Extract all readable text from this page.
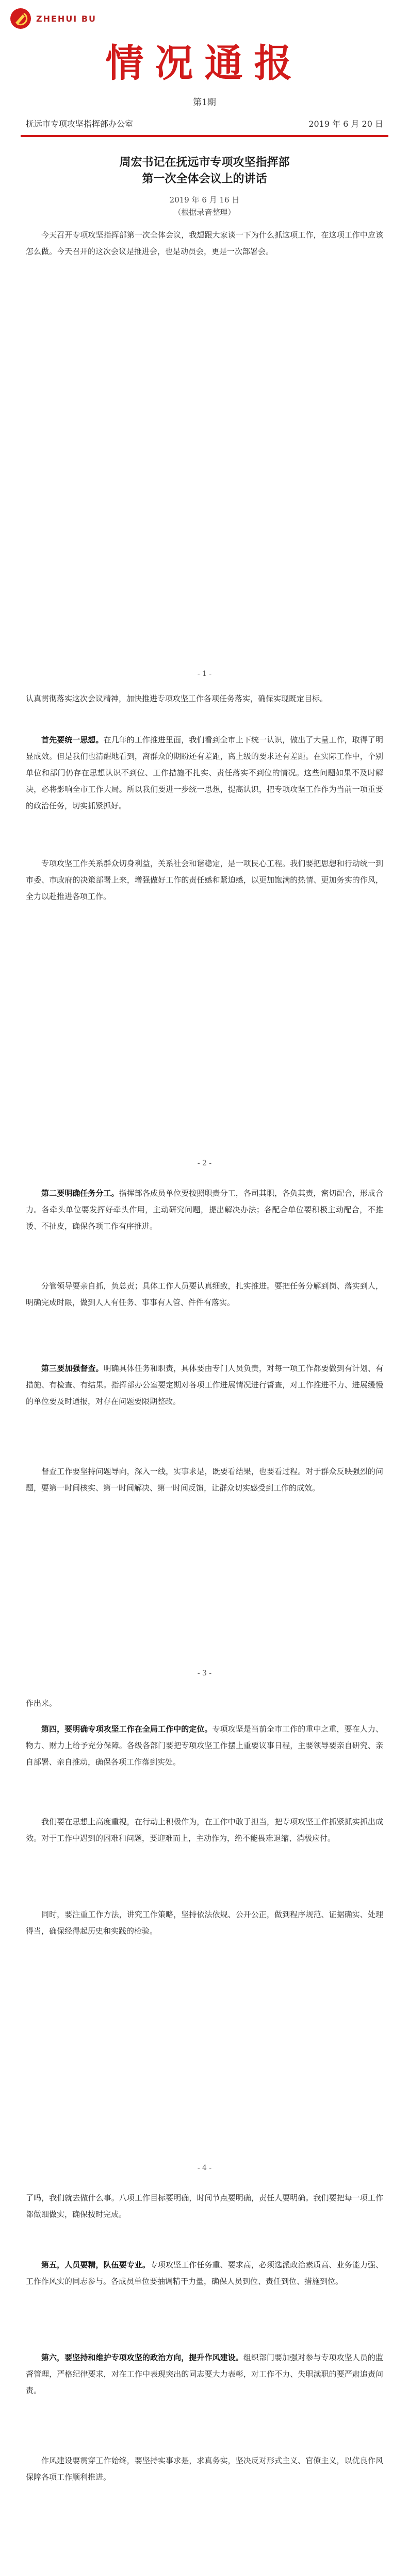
ZHEHUI BU
情况通报
第1期
抚远市专项攻坚指挥部办公室	2019 年 6 月 20 日
周宏书记在抚远市专项攻坚指挥部
第一次全体会议上的讲话
2019 年 6 月 16 日
（根据录音整理）
今天召开专项攻坚指挥部第一次全体会议，我想跟大家谈一下为什么抓这项工作，在这项工作中应该怎么做。今天召开的这次会议是推进会，也是动员会，更是一次部署会。
- 1 -
认真贯彻落实这次会议精神，加快推进专项攻坚工作各项任务落实，确保实现既定目标。
首先要统一思想。在几年的工作推进里面，我们看到全市上下统一认识，做出了大量工作，取得了明显成效。但是我们也清醒地看到，离群众的期盼还有差距，离上级的要求还有差距。在实际工作中，个别单位和部门仍存在思想认识不到位、工作措施不扎实、责任落实不到位的情况。这些问题如果不及时解决，必将影响全市工作大局。所以我们要进一步统一思想，提高认识，把专项攻坚工作作为当前一项重要的政治任务，切实抓紧抓好。
专项攻坚工作关系群众切身利益，关系社会和谐稳定，是一项民心工程。我们要把思想和行动统一到市委、市政府的决策部署上来，增强做好工作的责任感和紧迫感，以更加饱满的热情、更加务实的作风，全力以赴推进各项工作。
- 2 -
第二要明确任务分工。指挥部各成员单位要按照职责分工，各司其职，各负其责，密切配合，形成合力。各牵头单位要发挥好牵头作用，主动研究问题，提出解决办法；各配合单位要积极主动配合，不推诿、不扯皮，确保各项工作有序推进。
分管领导要亲自抓，负总责；具体工作人员要认真细致，扎实推进。要把任务分解到岗、落实到人，明确完成时限，做到人人有任务、事事有人管、件件有落实。
第三要加强督查。明确具体任务和职责，具体要由专门人员负责，对每一项工作都要做到有计划、有措施、有检查、有结果。指挥部办公室要定期对各项工作进展情况进行督查，对工作推进不力、进展缓慢的单位要及时通报，对存在问题要限期整改。
督查工作要坚持问题导向，深入一线，实事求是，既要看结果，也要看过程。对于群众反映强烈的问题，要第一时间核实、第一时间解决、第一时间反馈，让群众切实感受到工作的成效。
- 3 -
作出来。
第四，要明确专项攻坚工作在全局工作中的定位。专项攻坚是当前全市工作的重中之重，要在人力、物力、财力上给予充分保障。各级各部门要把专项攻坚工作摆上重要议事日程，主要领导要亲自研究、亲自部署、亲自推动，确保各项工作落到实处。
我们要在思想上高度重视，在行动上积极作为，在工作中敢于担当，把专项攻坚工作抓紧抓实抓出成效。对于工作中遇到的困难和问题，要迎难而上，主动作为，绝不能畏难退缩、消极应付。
同时，要注重工作方法，讲究工作策略，坚持依法依规、公开公正，做到程序规范、证据确实、处理得当，确保经得起历史和实践的检验。
- 4 -
了吗，我们就去做什么事。八项工作目标要明确，时间节点要明确，责任人要明确。我们要把每一项工作都做细做实，确保按时完成。
第五，人员要精，队伍要专业。专项攻坚工作任务重、要求高，必须选派政治素质高、业务能力强、工作作风实的同志参与。各成员单位要抽调精干力量，确保人员到位、责任到位、措施到位。
第六，要坚持和维护专项攻坚的政治方向，提升作风建设。组织部门要加强对参与专项攻坚人员的监督管理，严格纪律要求，对在工作中表现突出的同志要大力表彰，对工作不力、失职渎职的要严肃追责问责。
作风建设要贯穿工作始终，要坚持实事求是，求真务实，坚决反对形式主义、官僚主义，以优良作风保障各项工作顺利推进。
